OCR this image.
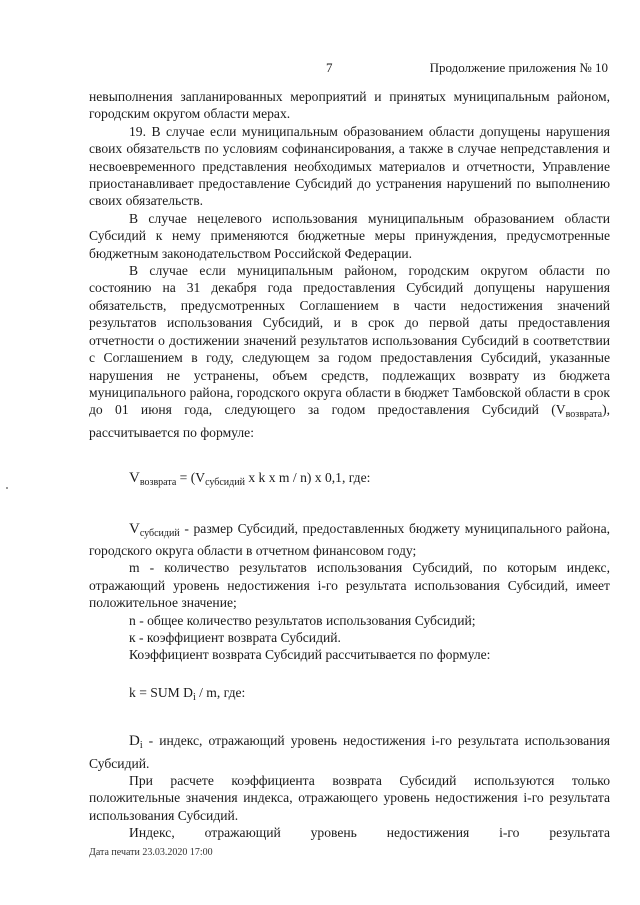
7	Продолжение приложения № 10

невыполнения запланированных мероприятий и принятых муниципальным районом, городским округом области мерах.

19. В случае если муниципальным образованием области допущены нарушения своих обязательств по условиям софинансирования, а также в случае непредставления и несвоевременного представления необходимых материалов и отчетности, Управление приостанавливает предоставление Субсидий до устранения нарушений по выполнению своих обязательств.

В случае нецелевого использования муниципальным образованием области Субсидий к нему применяются бюджетные меры принуждения, предусмотренные бюджетным законодательством Российской Федерации.

В случае если муниципальным районом, городским округом области по состоянию на 31 декабря года предоставления Субсидий допущены нарушения обязательств, предусмотренных Соглашением в части недостижения значений результатов использования Субсидий, и в срок до первой даты предоставления отчетности о достижении значений результатов использования Субсидий в соответствии с Соглашением в году, следующем за годом предоставления Субсидий, указанные нарушения не устранены, объем средств, подлежащих возврату из бюджета муниципального района, городского округа области в бюджет Тамбовской области в срок до 01 июня года, следующего за годом предоставления Субсидий $(V_{возврата})$, рассчитывается по формуле:

$V_{возврата} = (V_{субсидий}$ x k x m / n) x 0,1, где:

$V_{субсидий}$ - размер Субсидий, предоставленных бюджету муниципального района, городского округа области в отчетном финансовом году;

m - количество результатов использования Субсидий, по которым индекс, отражающий уровень недостижения i-го результата использования Субсидий, имеет положительное значение;

n - общее количество результатов использования Субсидий;

к - коэффициент возврата Субсидий.

Коэффициент возврата Субсидий рассчитывается по формуле:

k = SUM $D_i$ / m, где:

$D_i$ - индекс, отражающий уровень недостижения i-го результата использования Субсидий.

При расчете коэффициента возврата Субсидий используются только положительные значения индекса, отражающего уровень недостижения i-го результата использования Субсидий.

Индекс, отражающий уровень недостижения i-го результата

Дата печати 23.03.2020 17:00
